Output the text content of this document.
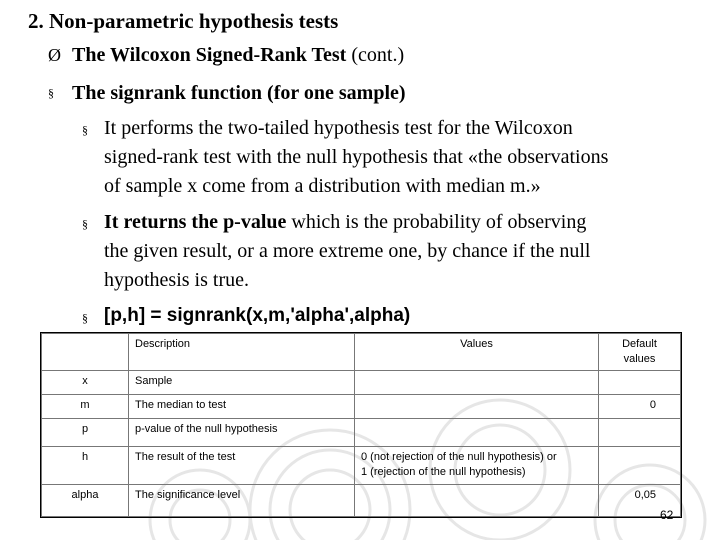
2. Non-parametric hypothesis tests
Ø The Wilcoxon Signed-Rank Test (cont.)
§ The signrank function (for one sample)
§ It performs the two-tailed hypothesis test for the Wilcoxon
signed-rank test with the null hypothesis that «the observations
of sample x come from a distribution with median m.»
§ It returns the p-value which is the probability of observing
the given result, or a more extreme one, by chance if the null
hypothesis is true.
§ [p,h] = signrank(x,m,'alpha',alpha)
	Description	Values	Default
values

x	Sample		
m	The median to test		0
p	p-value of the null hypothesis		
h	The result of the test	0 (not rejection of the null hypothesis) or
1 (rejection of the null hypothesis)	

alpha	The significance level		0,05
62
